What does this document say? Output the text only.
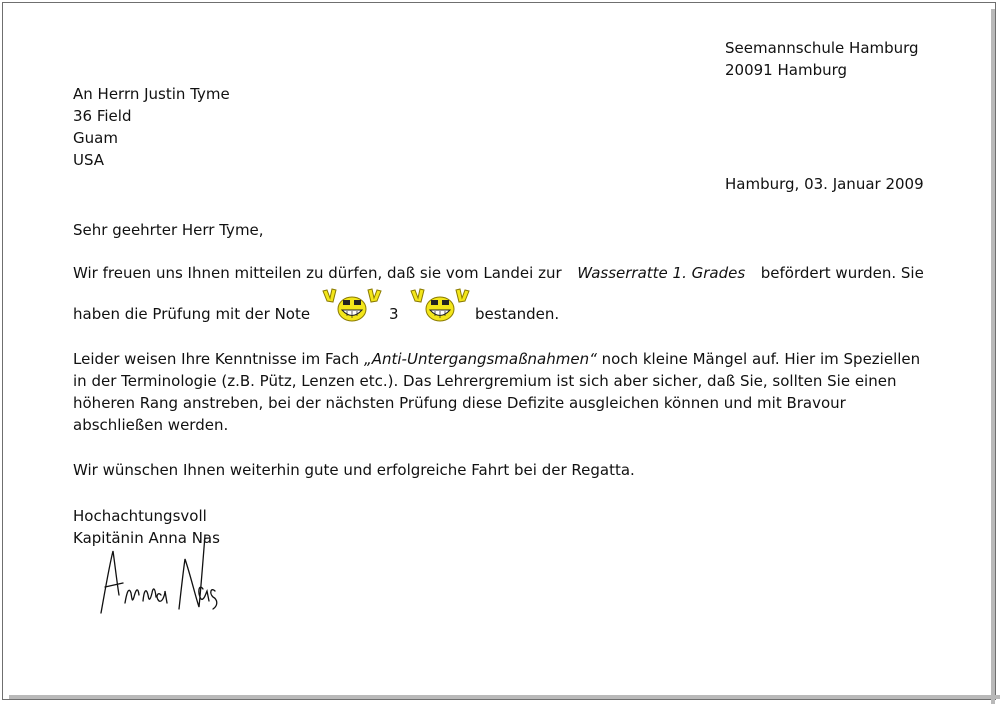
Seemannschule Hamburg
20091 Hamburg
An Herrn Justin Tyme
36 Field
Guam
USA
Hamburg, 03. Januar 2009
Sehr geehrter Herr Tyme,
Wir freuen uns Ihnen mitteilen zu dürfen, daß sie vom Landei zur Wasserratte 1. Grades befördert wurden. Sie
haben die Prüfung mit der Note	3	bestanden.
Leider weisen Ihre Kenntnisse im Fach „Anti-Untergangsmaßnahmen“ noch kleine Mängel auf. Hier im Speziellen in der Terminologie (z.B. Pütz, Lenzen etc.). Das Lehrergremium ist sich aber sicher, daß Sie, sollten Sie einen höheren Rang anstreben, bei der nächsten Prüfung diese Defizite ausgleichen können und mit Bravour abschließen werden.
Wir wünschen Ihnen weiterhin gute und erfolgreiche Fahrt bei der Regatta.
Hochachtungsvoll
Kapitänin Anna Nas
